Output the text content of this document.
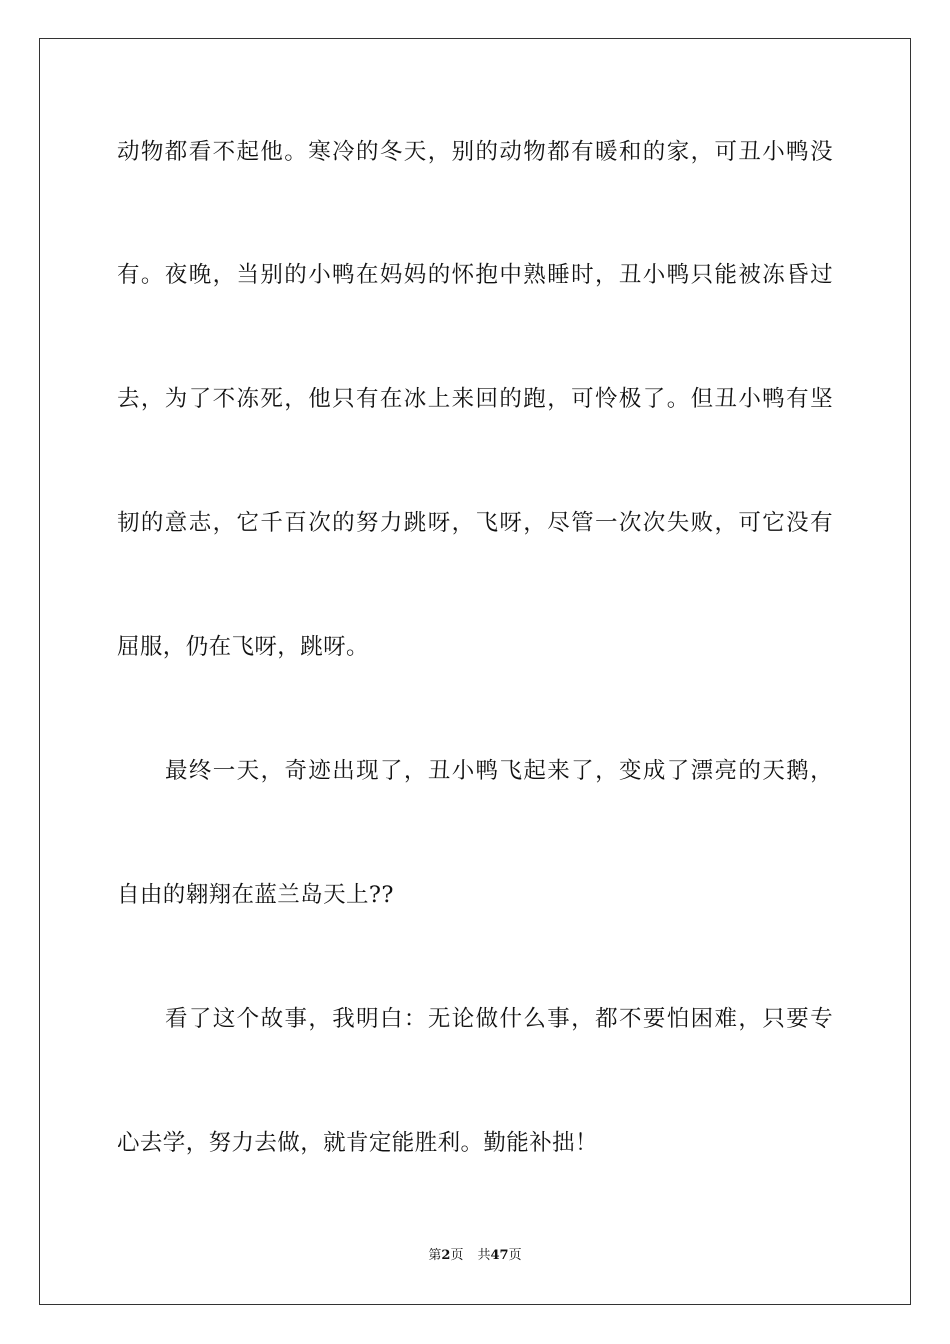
动物都看不起他。寒冷的冬天，别的动物都有暖和的家，可丑小鸭没
有。夜晚，当别的小鸭在妈妈的怀抱中熟睡时，丑小鸭只能被冻昏过
去，为了不冻死，他只有在冰上来回的跑，可怜极了。但丑小鸭有坚
韧的意志，它千百次的努力跳呀，飞呀，尽管一次次失败，可它没有
屈服，仍在飞呀，跳呀。
最终一天，奇迹出现了，丑小鸭飞起来了，变成了漂亮的天鹅，
自由的翱翔在蓝兰岛天上??
看了这个故事，我明白：无论做什么事，都不要怕困难，只要专
心去学，努力去做，就肯定能胜利。勤能补拙！
第2页 共47页
